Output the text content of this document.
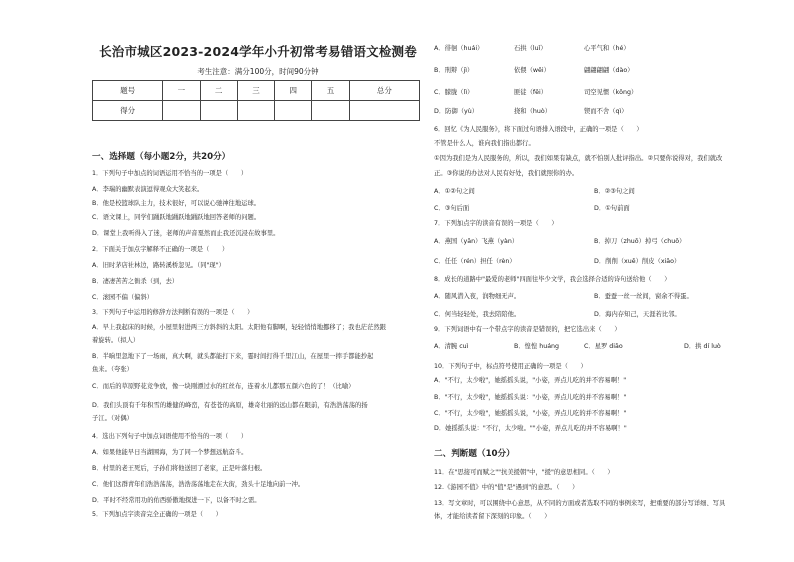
长治市城区2023-2024学年小升初常考易错语文检测卷
考生注意：满分100分，时间90分钟
题号	一	二	三	四	五	总分
得分						
一、选择题（每小题2分，共20分）
1．下列句子中加点的词语运用不恰当的一项是（　　）
A．李瑞的幽默表演逗得观众大笑起来。
B．他是校篮球队主力，技术很好，可以说心驰神往地运球。
C．语文课上，同学们踊跃地踊跃地踊跃地回答老师的问题。
D．课堂上我听得入了迷，老师的声音戛然而止我还沉浸在故事里。
2．下面关于加点字解释不正确的一项是（　　）
A．旧时茅店社林边，路转溪桥忽见。（同"现"）
B．凄凄苦苦之衙杀（到，去）
C．滚园不偏（偏斜）
3．下列句子中运用的修辞方法判断有误的一项是（　　）
A．早上我起床的时候，小屋里射进两三方斜斜的太阳。太阳他有脚啊，轻轻悄悄地挪移了；我也茫茫然跟
着旋转。（拟人）
B．半晌里忽地下了一场雨，真大啊，就头都能打下来，霎时间打得千里江山，在屋里一摔手都能抄起
鱼来。（夸张）
C．而后的草原野花竞争放，像一块刚漂过水的红丝布，连着水儿都那五颜六色的了！（比喻）
D．我们头顶有千年积雪的雄健的峰峦，有苍苍的高原，雄奇壮丽的远山都在眼前，有浩浩荡荡的扬
子江。（对偶）
4．选出下列句子中加点词语使用不恰当的一项（　　）
A．如果他能早日当湖围海，为了同一个梦想远航奋斗。
B．村里的老王死后，子孙们将他送回了老家，正是叶落归根。
C．他们这群青年们浩浩荡荡，浩浩荡荡地走在大街，劲头十足地向前一冲。
D．平时不经常用功的佑西骄傲地探进一下，以备不时之需。
5．下列加点字读音完全正确的一项是（　　）
A．徘徊（huái）	石拱（luǐ）	心平气和（hé）
B．刑辩（jì）	依偎（wēi）	翩翩翩翩（dào）
C．朦胧（lì）	匪徒（fěi）	司空见惯（kōng）
D．防御（yù）	挠和（huò）	锲而不舍（qì）
6．回忆《为人民服务》，将下面过句语排入语段中，正确的一项是（　　）
不管是什么人，谁向我们指出都行。
①因为我们是为人民服务的，所以，我们如果有缺点，就不怕别人批评指出。②只要你说得对，我们就改
正。③你说的办法对人民有好处，我们就照你的办。
A．①②句之间	B．②③句之间
C．③句后面	D．①句前面
7．下列加点字的读音有误的一项是（　　）
A．燕国（yān）飞燕（yàn）	B．掉刀（zhuō）掉弓（chuō）
C．任任（rén）担任（rèn）	D．削削（xuē）削皮（xiāo）
8．成长的道路中"最爱的老师"四面往毕少文学，我会选择合适的诗句送给他（　　）
A．随风潜入夜，润物细无声。	B．蚕蚕一丝一丝间，窗余不得蛋。
C．何当轻轻处，我去陪陪他。	D．海内存知己，天涯若比邻。
9．下列词语中有一个带点字的读音是错误的，把它选出来（　　）
A．清腕 cuì	B．惶惶 huáng	C．星罗 diāo	D．拱 dí luò
10．下列句子中，标点符号使用正确的一项是（　　）
A．"不行，太少啦"，她摇摇头说，"小姿，弄点儿吃的并不容易啊！"
B．"不行，太少啦"，她摇摇头说："小姿，弄点儿吃的并不容易啊！"
C．"不行，太少啦"，她摇摇头说，"小姿，弄点儿吃的并不容易啊！"
D．她摇摇头说："不行，太少啦。""小姿，弄点儿吃的并不容易啊！"
二、判断题（10分）
11．在"思接可而赋之""抗美援朝"中，"援"的意思相同。（　　）
12.《游园不值》中的"值"是"遇到"的意思。（　　）
13．写文章时，可以围绕中心意思，从不同的方面或者选取不同的事例来写，把重要的部分写详细、写具
体，才能给读者留下深刻的印象。（　　）
